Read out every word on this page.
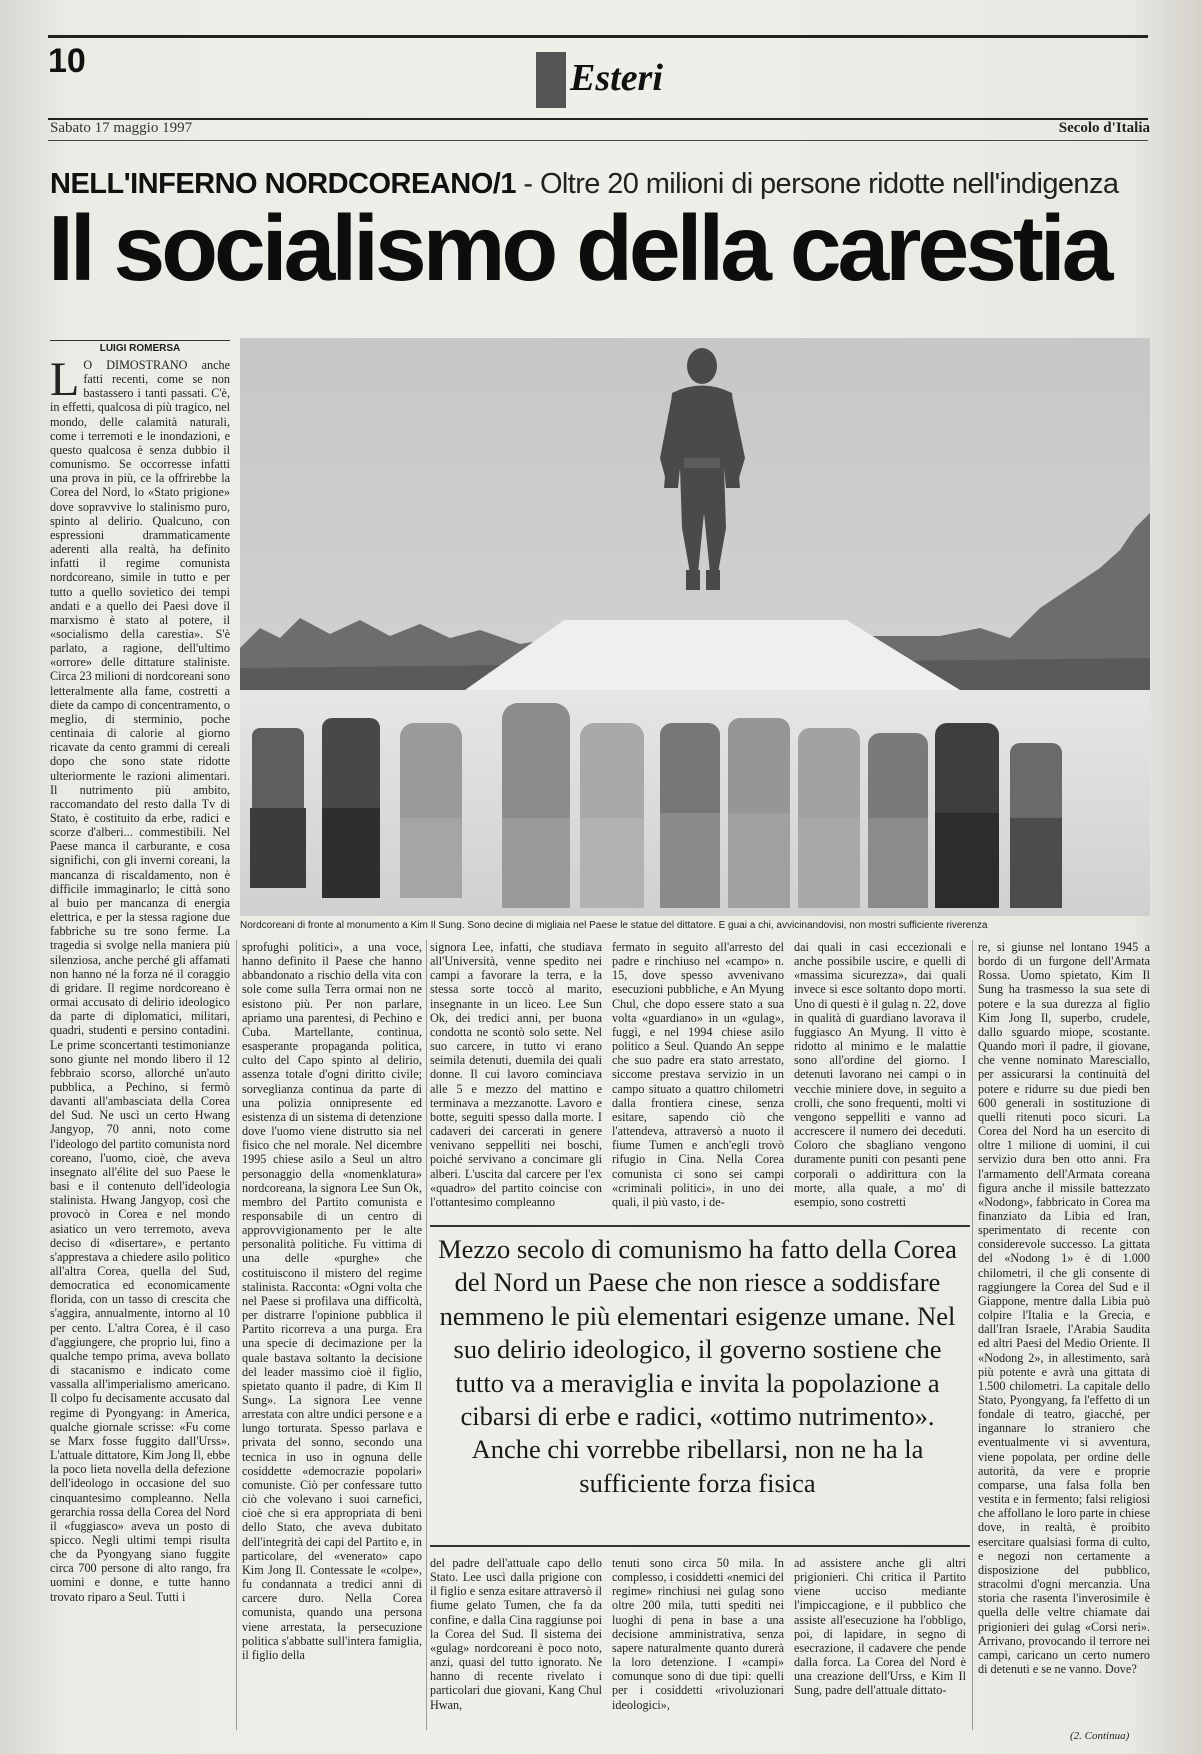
10	Esteri
Sabato 17 maggio 1997	Secolo d'Italia
NELL'INFERNO NORDCOREANO/1 - Oltre 20 milioni di persone ridotte nell'indigenza
Il socialismo della carestia
LUIGI ROMERSA
L O DIMOSTRANO anche fatti recenti, come se non bastassero i tanti passati. C'è, in effetti, qualcosa di più tragico, nel mondo, delle calamità naturali, come i terremoti e le inondazioni, e questo qualcosa è senza dubbio il comunismo. Se occorresse infatti una prova in più, ce la offrirebbe la Corea del Nord, lo «Stato prigione» dove sopravvive lo stalinismo puro, spinto al delirio. Qualcuno, con espressioni drammaticamente aderenti alla realtà, ha definito infatti il regime comunista nordcoreano, simile in tutto e per tutto a quello sovietico dei tempi andati e a quello dei Paesi dove il marxismo è stato al potere, il «socialismo della carestia». S'è parlato, a ragione, dell'ultimo «orrore» delle dittature staliniste. Circa 23 milioni di nordcoreani sono letteralmente alla fame, costretti a diete da campo di concentramento, o meglio, di sterminio, poche centinaia di calorie al giorno ricavate da cento grammi di cereali dopo che sono state ridotte ulteriormente le razioni alimentari. Il nutrimento più ambito, raccomandato del resto dalla Tv di Stato, è costituito da erbe, radici e scorze d'alberi... commestibili. Nel Paese manca il carburante, e cosa significhi, con gli inverni coreani, la mancanza di riscaldamento, non è difficile immaginarlo; le città sono al buio per mancanza di energia elettrica, e per la stessa ragione due fabbriche su tre sono ferme. La tragedia si svolge nella maniera più silenziosa, anche perché gli affamati non hanno né la forza né il coraggio di gridare. Il regime nordcoreano è ormai accusato di delirio ideologico da parte di diplomatici, militari, quadri, studenti e persino contadini. Le prime sconcertanti testimonianze sono giunte nel mondo libero il 12 febbraio scorso, allorché un'auto pubblica, a Pechino, si fermò davanti all'ambasciata della Corea del Sud. Ne uscì un certo Hwang Jangyop, 70 anni, noto come l'ideologo del partito comunista nord coreano, l'uomo, cioè, che aveva insegnato all'élite del suo Paese le basi e il contenuto dell'ideologia stalinista. Hwang Jangyop, così che provocò in Corea e nel mondo asiatico un vero terremoto, aveva deciso di «disertare», e pertanto s'apprestava a chiedere asilo politico all'altra Corea, quella del Sud, democratica ed economicamente florida, con un tasso di crescita che s'aggira, annualmente, intorno al 10 per cento. L'altra Corea, è il caso d'aggiungere, che proprio lui, fino a qualche tempo prima, aveva bollato di stacanismo e indicato come vassalla all'imperialismo americano. Il colpo fu decisamente accusato dal regime di Pyongyang: in America, qualche giornale scrisse: «Fu come se Marx fosse fuggito dall'Urss». L'attuale dittatore, Kim Jong Il, ebbe la poco lieta novella della defezione dell'ideologo in occasione del suo cinquantesimo compleanno. Nella gerarchia rossa della Corea del Nord il «fuggiasco» aveva un posto di spicco. Negli ultimi tempi risulta che da Pyongyang siano fuggite circa 700 persone di alto rango, fra uomini e donne, e tutte hanno trovato riparo a Seul. Tutti i
Nordcoreani di fronte al monumento a Kim Il Sung. Sono decine di migliaia nel Paese le statue del dittatore. E guai a chi, avvicinandovisi, non mostri sufficiente riverenza
sprofughi politici», a una voce, hanno definito il Paese che hanno abbandonato a rischio della vita con sole come sulla Terra ormai non ne esistono più. Per non parlare, apriamo una parentesi, di Pechino e Cuba. Martellante, continua, esasperante propaganda politica, culto del Capo spinto al delirio, assenza totale d'ogni diritto civile; sorveglianza continua da parte di una polizia onnipresente ed esistenza di un sistema di detenzione dove l'uomo viene distrutto sia nel fisico che nel morale. Nel dicembre 1995 chiese asilo a Seul un altro personaggio della «nomenklatura» nordcoreana, la signora Lee Sun Ok, membro del Partito comunista e responsabile di un centro di approvvigionamento per le alte personalità politiche. Fu vittima di una delle «purghe» che costituiscono il mistero del regime stalinista. Racconta: «Ogni volta che nel Paese si profilava una difficoltà, per distrarre l'opinione pubblica il Partito ricorreva a una purga. Era una specie di decimazione per la quale bastava soltanto la decisione del leader massimo cioè il figlio, spietato quanto il padre, di Kim Il Sung». La signora Lee venne arrestata con altre undici persone e a lungo torturata. Spesso parlava e privata del sonno, secondo una tecnica in uso in ognuna delle cosiddette «democrazie popolari» comuniste. Ciò per confessare tutto ciò che volevano i suoi carnefici, cioè che si era appropriata di beni dello Stato, che aveva dubitato dell'integrità dei capi del Partito e, in particolare, del «venerato» capo Kim Jong Il. Contessate le «colpe», fu condannata a tredici anni di carcere duro. Nella Corea comunista, quando una persona viene arrestata, la persecuzione politica s'abbatte sull'intera famiglia, il figlio della
signora Lee, infatti, che studiava all'Università, venne spedito nei campi a favorare la terra, e la stessa sorte toccò al marito, insegnante in un liceo. Lee Sun Ok, dei tredici anni, per buona condotta ne scontò solo sette. Nel suo carcere, in tutto vi erano seimila detenuti, duemila dei quali donne. Il cui lavoro cominciava alle 5 e mezzo del mattino e terminava a mezzanotte. Lavoro e botte, seguiti spesso dalla morte. I cadaveri dei carcerati in genere venivano seppelliti nei boschi, poiché servivano a concimare gli alberi. L'uscita dal carcere per l'ex «quadro» del partito coincise con l'ottantesimo compleanno
fermato in seguito all'arresto del padre e rinchiuso nel «campo» n. 15, dove spesso avvenivano esecuzioni pubbliche, e An Myung Chul, che dopo essere stato a sua volta «guardiano» in un «gulag», fuggì, e nel 1994 chiese asilo politico a Seul. Quando An seppe che suo padre era stato arrestato, siccome prestava servizio in un campo situato a quattro chilometri dalla frontiera cinese, senza esitare, sapendo ciò che l'attendeva, attraversò a nuoto il fiume Tumen e anch'egli trovò rifugio in Cina. Nella Corea comunista ci sono sei campi «criminali politici», in uno dei quali, il più vasto, i de-
dai quali in casi eccezionali e anche possibile uscire, e quelli di «massima sicurezza», dai quali invece si esce soltanto dopo morti. Uno di questi è il gulag n. 22, dove in qualità di guardiano lavorava il fuggiasco An Myung. Il vitto è ridotto al minimo e le malattie sono all'ordine del giorno. I detenuti lavorano nei campi o in vecchie miniere dove, in seguito a crolli, che sono frequenti, molti vi vengono seppelliti e vanno ad accrescere il numero dei deceduti. Coloro che sbagliano vengono duramente puniti con pesanti pene corporali o addirittura con la morte, alla quale, a mo' di esempio, sono costretti
re, si giunse nel lontano 1945 a bordo di un furgone dell'Armata Rossa. Uomo spietato, Kim Il Sung ha trasmesso la sua sete di potere e la sua durezza al figlio Kim Jong Il, superbo, crudele, dallo sguardo miope, scostante. Quando morì il padre, il giovane, che venne nominato Maresciallo, per assicurarsi la continuità del potere e ridurre su due piedi ben 600 generali in sostituzione di quelli ritenuti poco sicuri. La Corea del Nord ha un esercito di oltre 1 milione di uomini, il cui servizio dura ben otto anni. Fra l'armamento dell'Armata coreana figura anche il missile battezzato «Nodong», fabbricato in Corea ma finanziato da Libia ed Iran, sperimentato di recente con considerevole successo. La gittata del «Nodong 1» è di 1.000 chilometri, il che gli consente di raggiungere la Corea del Sud e il Giappone, mentre dalla Libia può colpire l'Italia e la Grecia, e dall'Iran Israele, l'Arabia Saudita ed altri Paesi del Medio Oriente. Il «Nodong 2», in allestimento, sarà più potente e avrà una gittata di 1.500 chilometri. La capitale dello Stato, Pyongyang, fa l'effetto di un fondale di teatro, giacché, per ingannare lo straniero che eventualmente vi si avventura, viene popolata, per ordine delle autorità, da vere e proprie comparse, una falsa folla ben vestita e in fermento; falsi religiosi che affollano le loro parte in chiese dove, in realtà, è proibito esercitare qualsiasi forma di culto, e negozi non certamente a disposizione del pubblico, stracolmi d'ogni mercanzia. Una storia che rasenta l'inverosimile è quella delle veltre chiamate dai prigionieri dei gulag «Corsi neri». Arrivano, provocando il terrore nei campi, caricano un certo numero di detenuti e se ne vanno. Dove?
Mezzo secolo di comunismo ha fatto della Corea del Nord un Paese che non riesce a soddisfare nemmeno le più elementari esigenze umane. Nel suo delirio ideologico, il governo sostiene che tutto va a meraviglia e invita la popolazione a cibarsi di erbe e radici, «ottimo nutrimento». Anche chi vorrebbe ribellarsi, non ne ha la sufficiente forza fisica
del padre dell'attuale capo dello Stato. Lee uscì dalla prigione con il figlio e senza esitare attraversò il fiume gelato Tumen, che fa da confine, e dalla Cina raggiunse poi la Corea del Sud. Il sistema dei «gulag» nordcoreani è poco noto, anzi, quasi del tutto ignorato. Ne hanno di recente rivelato i particolari due giovani, Kang Chul Hwan,
tenuti sono circa 50 mila. In complesso, i cosiddetti «nemici del regime» rinchiusi nei gulag sono oltre 200 mila, tutti spediti nei luoghi di pena in base a una decisione amministrativa, senza sapere naturalmente quanto durerà la loro detenzione. I «campi» comunque sono di due tipi: quelli per i cosiddetti «rivoluzionari ideologici»,
ad assistere anche gli altri prigionieri. Chi critica il Partito viene ucciso mediante l'impiccagione, e il pubblico che assiste all'esecuzione ha l'obbligo, poi, di lapidare, in segno di esecrazione, il cadavere che pende dalla forca. La Corea del Nord è una creazione dell'Urss, e Kim Il Sung, padre dell'attuale dittato-
(2. Continua)
